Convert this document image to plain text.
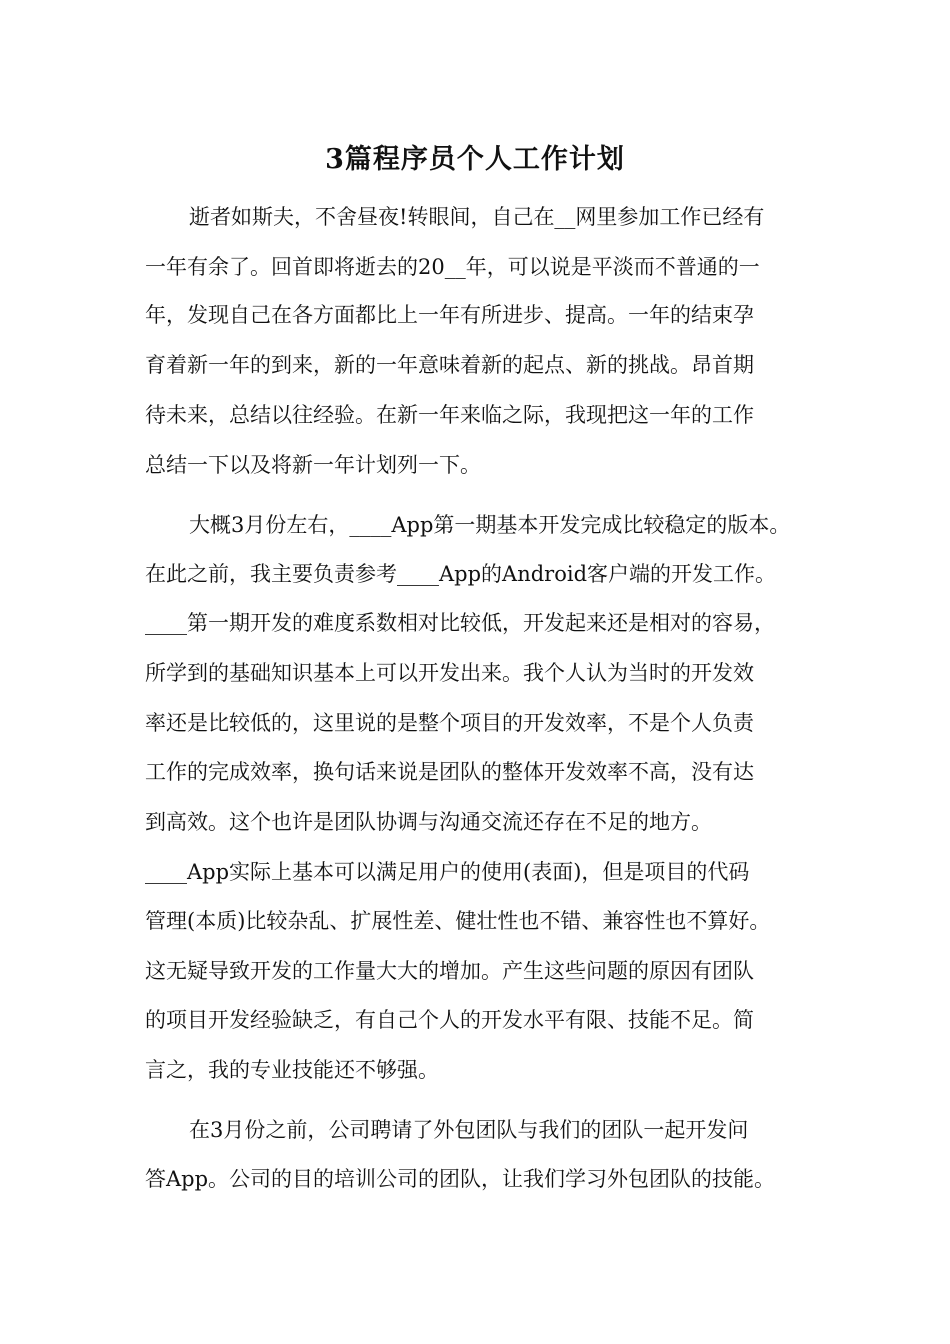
3篇程序员个人工作计划

逝者如斯夫，不舍昼夜!转眼间，自己在__网里参加工作已经有

一年有余了。回首即将逝去的20__年，可以说是平淡而不普通的一

年，发现自己在各方面都比上一年有所进步、提高。一年的结束孕

育着新一年的到来，新的一年意味着新的起点、新的挑战。昂首期

待未来，总结以往经验。在新一年来临之际，我现把这一年的工作

总结一下以及将新一年计划列一下。

大概3月份左右，____App第一期基本开发完成比较稳定的版本。

在此之前，我主要负责参考____App的Android客户端的开发工作。

____第一期开发的难度系数相对比较低，开发起来还是相对的容易，

所学到的基础知识基本上可以开发出来。我个人认为当时的开发效

率还是比较低的，这里说的是整个项目的开发效率，不是个人负责

工作的完成效率，换句话来说是团队的整体开发效率不高，没有达

到高效。这个也许是团队协调与沟通交流还存在不足的地方。

____App实际上基本可以满足用户的使用(表面)，但是项目的代码

管理(本质)比较杂乱、扩展性差、健壮性也不错、兼容性也不算好。

这无疑导致开发的工作量大大的增加。产生这些问题的原因有团队

的项目开发经验缺乏，有自己个人的开发水平有限、技能不足。简

言之，我的专业技能还不够强。

在3月份之前，公司聘请了外包团队与我们的团队一起开发问

答App。公司的目的培训公司的团队，让我们学习外包团队的技能。
